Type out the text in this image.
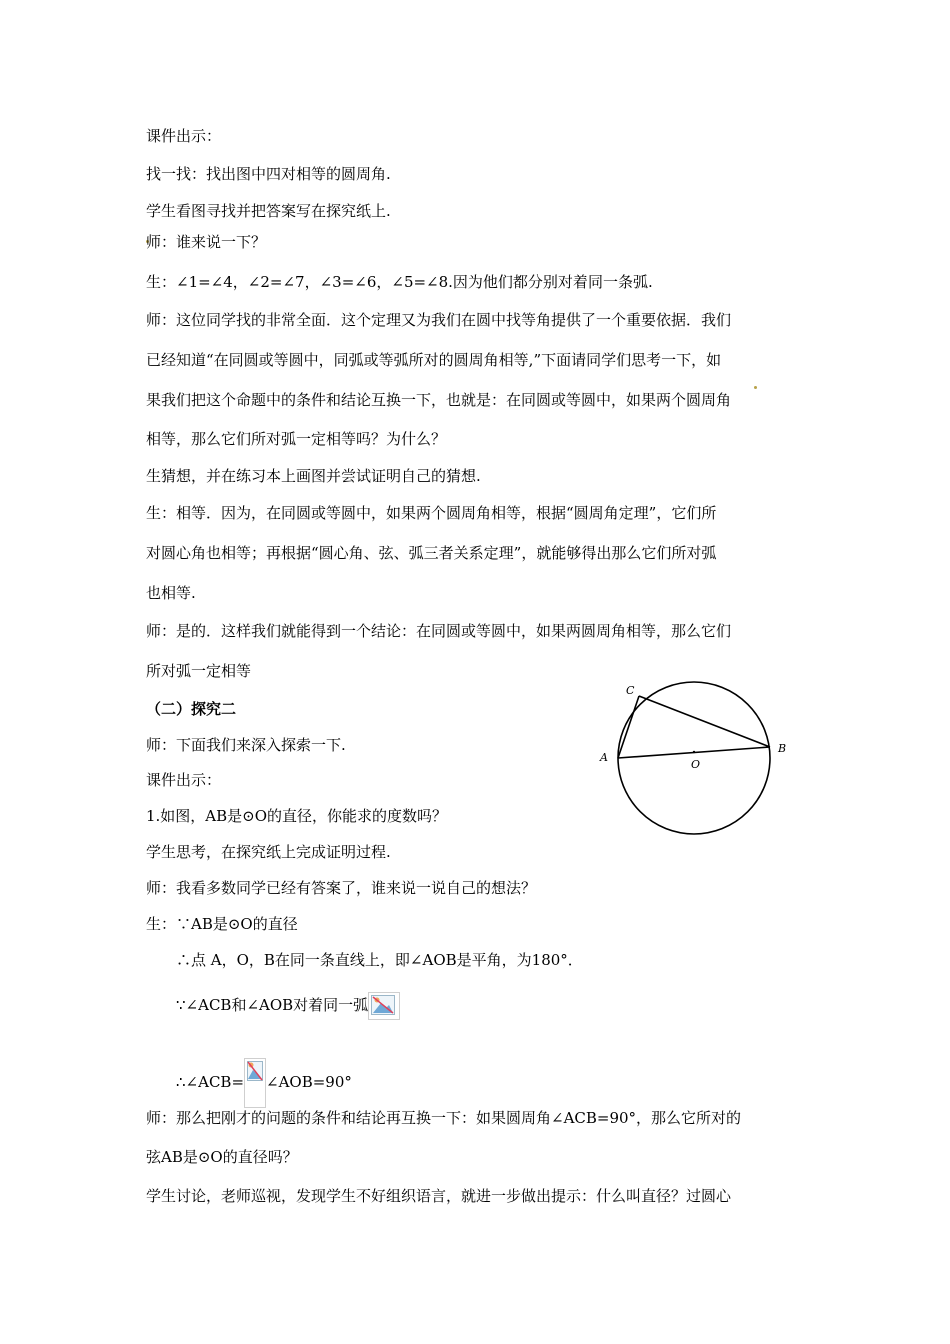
课件出示：
找一找：找出图中四对相等的圆周角.
学生看图寻找并把答案写在探究纸上.
师：谁来说一下？
生：∠1=∠4，∠2=∠7，∠3=∠6，∠5=∠8.因为他们都分别对着同一条弧.
师：这位同学找的非常全面．这个定理又为我们在圆中找等角提供了一个重要依据．我们
已经知道“在同圆或等圆中，同弧或等弧所对的圆周角相等,”下面请同学们思考一下，如
果我们把这个命题中的条件和结论互换一下，也就是：在同圆或等圆中，如果两个圆周角
相等，那么它们所对弧一定相等吗？为什么？
生猜想，并在练习本上画图并尝试证明自己的猜想.
生：相等．因为，在同圆或等圆中，如果两个圆周角相等，根据“圆周角定理”，它们所
对圆心角也相等；再根据“圆心角、弦、弧三者关系定理”，就能够得出那么它们所对弧
也相等.
师：是的．这样我们就能得到一个结论：在同圆或等圆中，如果两圆周角相等，那么它们
所对弧一定相等
（二）探究二
师：下面我们来深入探索一下.
课件出示：
1.如图，AB是⊙O的直径，你能求的度数吗？
学生思考，在探究纸上完成证明过程.
师：我看多数同学已经有答案了，谁来说一说自己的想法？
生：∵AB是⊙O的直径
∴点 A，O，B在同一条直线上，即∠AOB是平角，为180°．
∵∠ACB和∠AOB对着同一弧
∴∠ACB= ∠AOB=90°
师：那么把刚才的问题的条件和结论再互换一下：如果圆周角∠ACB=90°，那么它所对的
弦AB是⊙O的直径吗？
学生讨论，老师巡视，发现学生不好组织语言，就进一步做出提示：什么叫直径？过圆心
C
A
B
O
